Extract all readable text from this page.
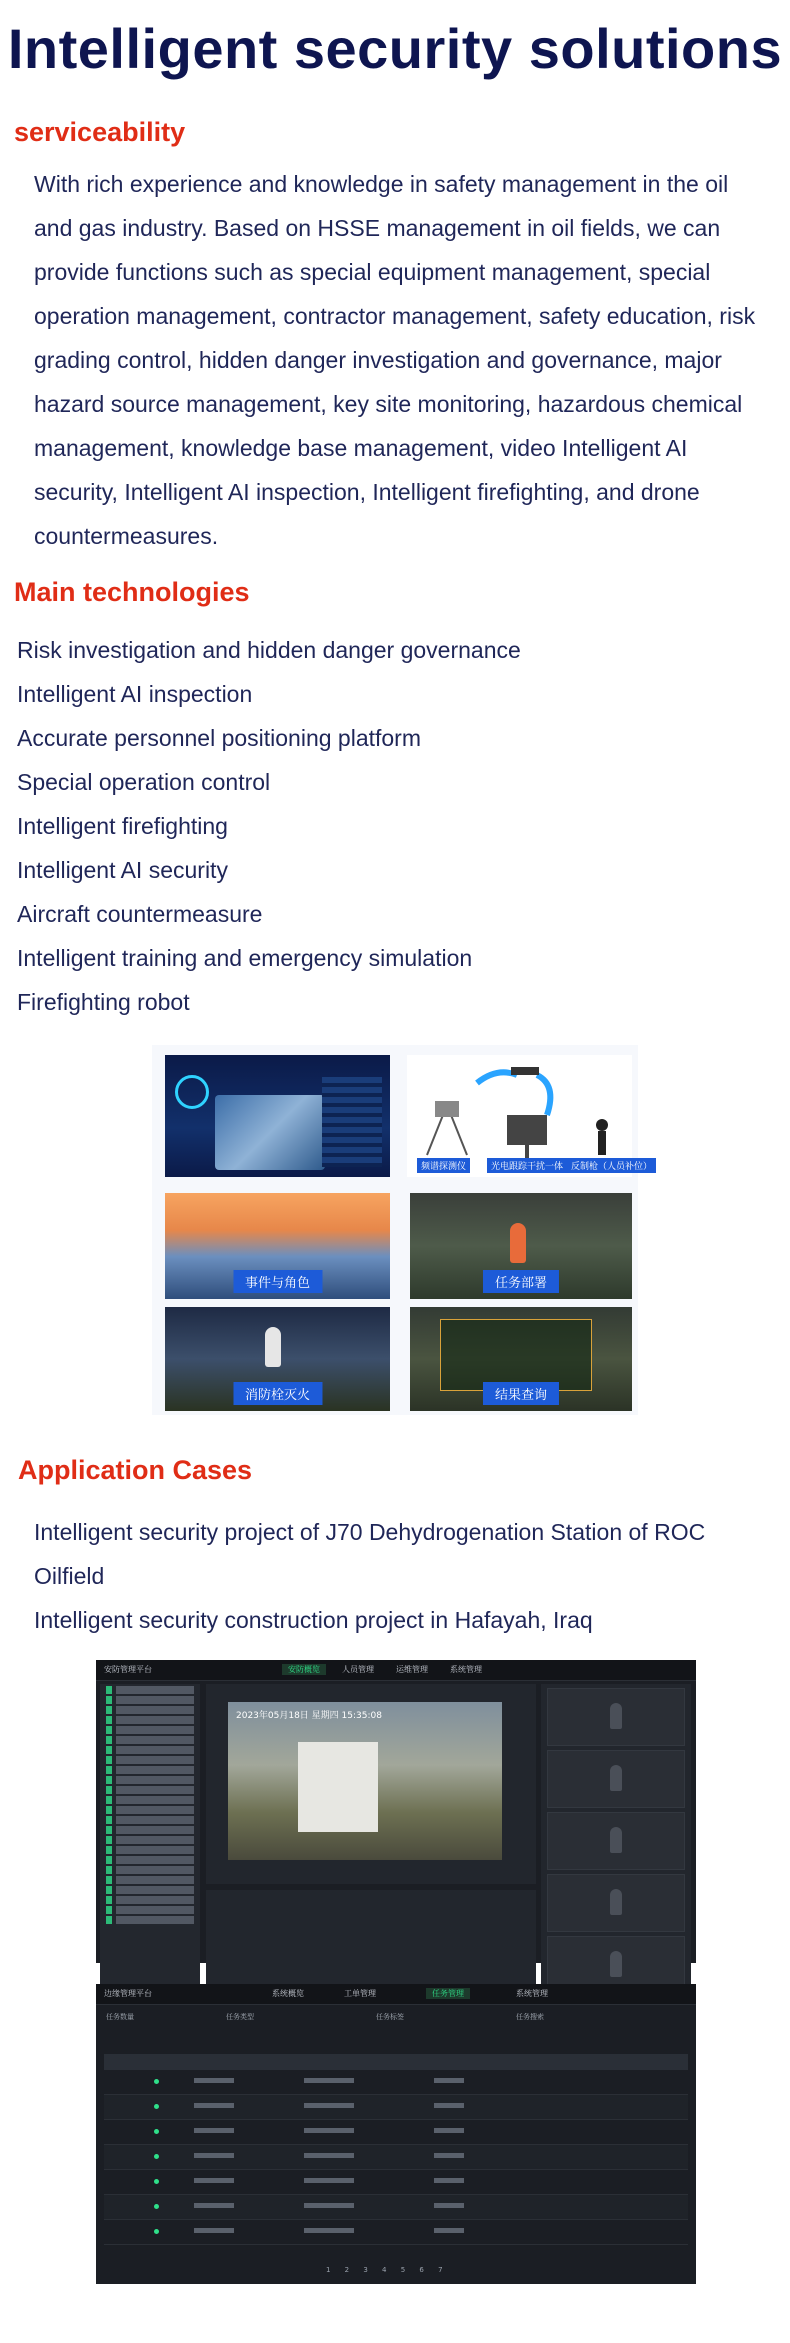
Intelligent security solutions
serviceability
With rich experience and knowledge in safety management in the oil and gas industry. Based on HSSE management in oil fields, we can provide functions such as special equipment management, special operation management, contractor management, safety education, risk grading control, hidden danger investigation and governance, major hazard source management, key site monitoring, hazardous chemical management, knowledge base management, video Intelligent AI security, Intelligent AI inspection, Intelligent firefighting, and drone countermeasures.
Main technologies
Risk investigation and hidden danger governance
Intelligent AI inspection
Accurate personnel positioning platform
Special operation control
Intelligent firefighting
Intelligent AI security
Aircraft countermeasure
Intelligent training and emergency simulation
Firefighting robot
频谱探测仪	光电跟踪干扰一体 反制枪（人员补位）
事件与角色	任务部署
消防栓灭火	结果查询
Application Cases
Intelligent security project of J70 Dehydrogenation Station of ROC Oilfield
Intelligent security construction project in Hafayah, Iraq
安防管理平台	安防概览	人员管理	运维管理	系统管理
2023年05月18日 星期四 15:35:08
边缘管理平台	系统概览	工单管理	任务管理	系统管理
任务数量	任务类型	任务标签	任务搜索
1 2 3 4 5 6 7
